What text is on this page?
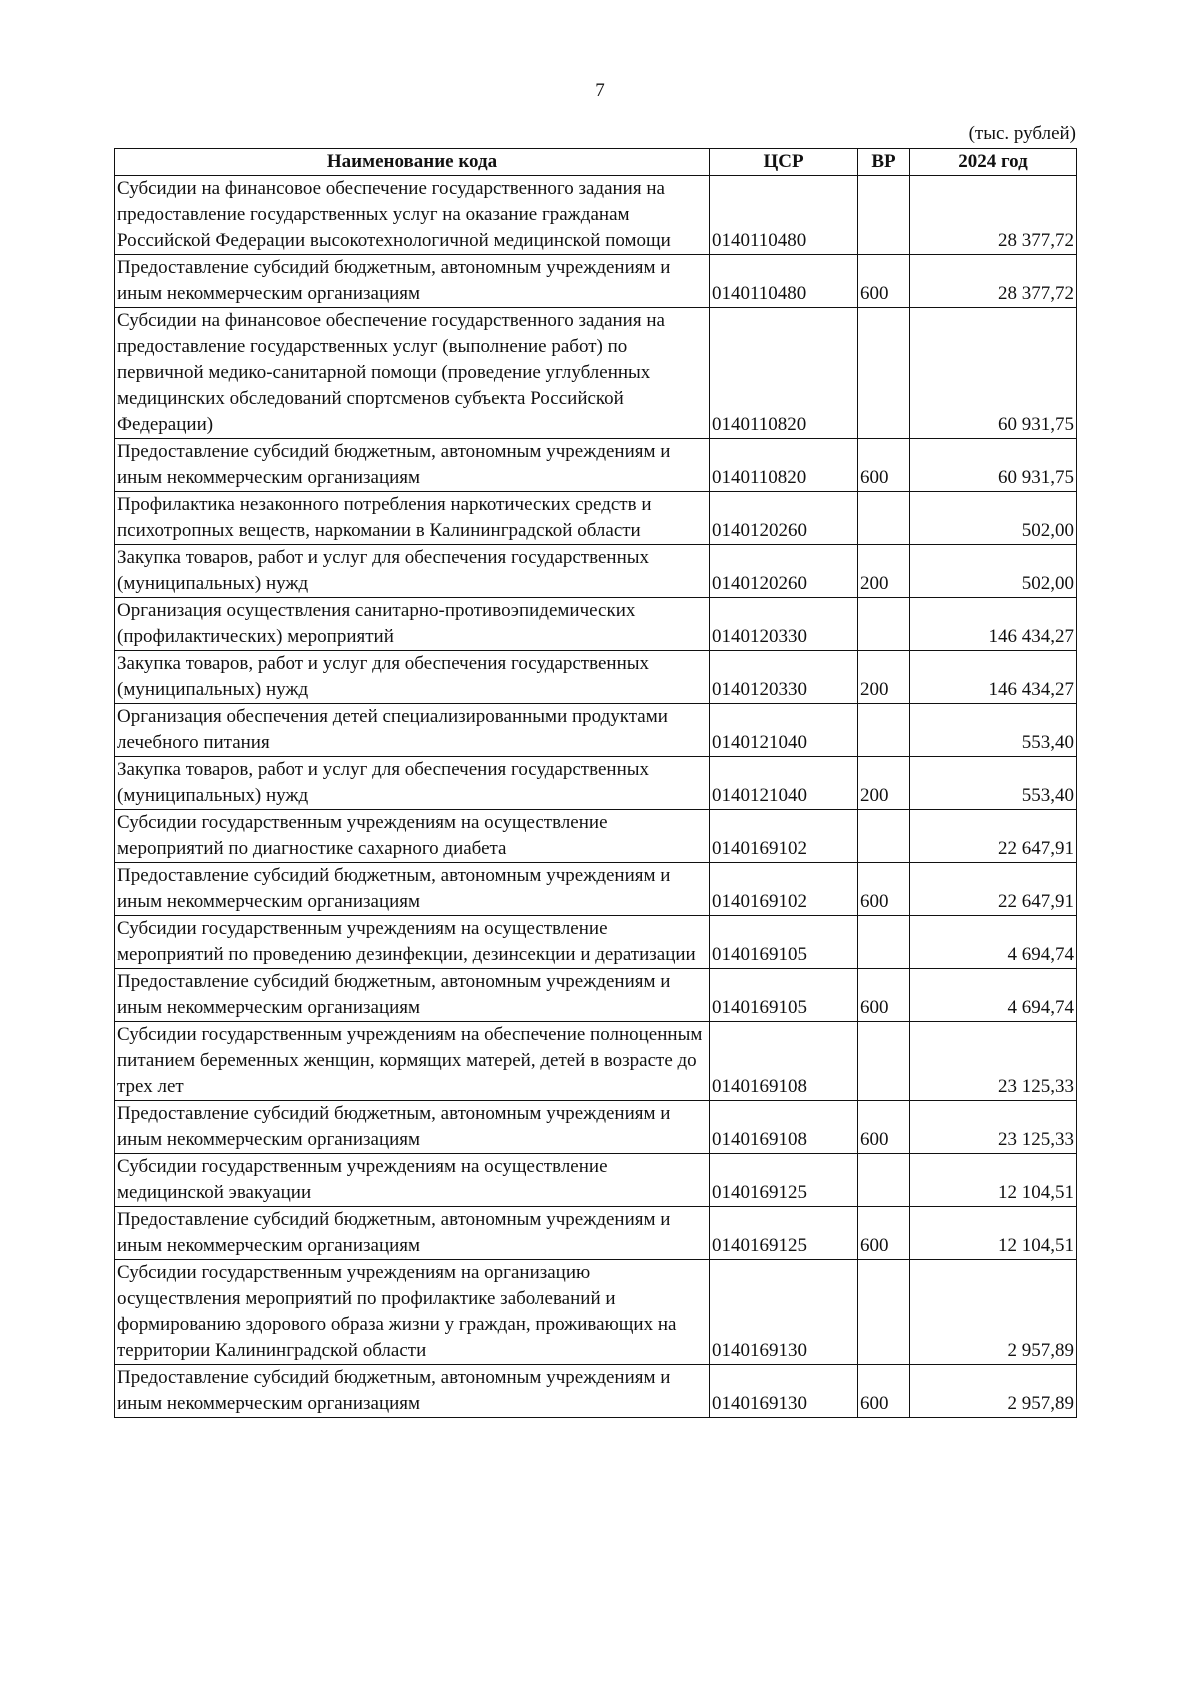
7
(тыс. рублей)
Наименование кода	ЦСР	ВР	2024 год
Субсидии на финансовое обеспечение государственного задания на предоставление государственных услуг на оказание гражданам Российской Федерации высокотехнологичной медицинской помощи	0140110480		28 377,72
Предоставление субсидий бюджетным, автономным учреждениям и иным некоммерческим организациям	0140110480	600	28 377,72
Субсидии на финансовое обеспечение государственного задания на предоставление государственных услуг (выполнение работ) по первичной медико-санитарной помощи (проведение углубленных медицинских обследований спортсменов субъекта Российской Федерации)	0140110820		60 931,75
Предоставление субсидий бюджетным, автономным учреждениям и иным некоммерческим организациям	0140110820	600	60 931,75
Профилактика незаконного потребления наркотических средств и психотропных веществ, наркомании в Калининградской области	0140120260		502,00
Закупка товаров, работ и услуг для обеспечения государственных (муниципальных) нужд	0140120260	200	502,00
Организация осуществления санитарно-противоэпидемических (профилактических) мероприятий	0140120330		146 434,27
Закупка товаров, работ и услуг для обеспечения государственных (муниципальных) нужд	0140120330	200	146 434,27
Организация обеспечения детей специализированными продуктами лечебного питания	0140121040		553,40
Закупка товаров, работ и услуг для обеспечения государственных (муниципальных) нужд	0140121040	200	553,40
Субсидии государственным учреждениям на осуществление мероприятий по диагностике сахарного диабета	0140169102		22 647,91
Предоставление субсидий бюджетным, автономным учреждениям и иным некоммерческим организациям	0140169102	600	22 647,91
Субсидии государственным учреждениям на осуществление мероприятий по проведению дезинфекции, дезинсекции и дератизации	0140169105		4 694,74
Предоставление субсидий бюджетным, автономным учреждениям и иным некоммерческим организациям	0140169105	600	4 694,74
Субсидии государственным учреждениям на обеспечение полноценным питанием беременных женщин, кормящих матерей, детей в возрасте до трех лет	0140169108		23 125,33
Предоставление субсидий бюджетным, автономным учреждениям и иным некоммерческим организациям	0140169108	600	23 125,33
Субсидии государственным учреждениям на осуществление медицинской эвакуации	0140169125		12 104,51
Предоставление субсидий бюджетным, автономным учреждениям и иным некоммерческим организациям	0140169125	600	12 104,51
Субсидии государственным учреждениям на организацию осуществления мероприятий по профилактике заболеваний и формированию здорового образа жизни у граждан, проживающих на территории Калининградской области	0140169130		2 957,89
Предоставление субсидий бюджетным, автономным учреждениям и иным некоммерческим организациям	0140169130	600	2 957,89
